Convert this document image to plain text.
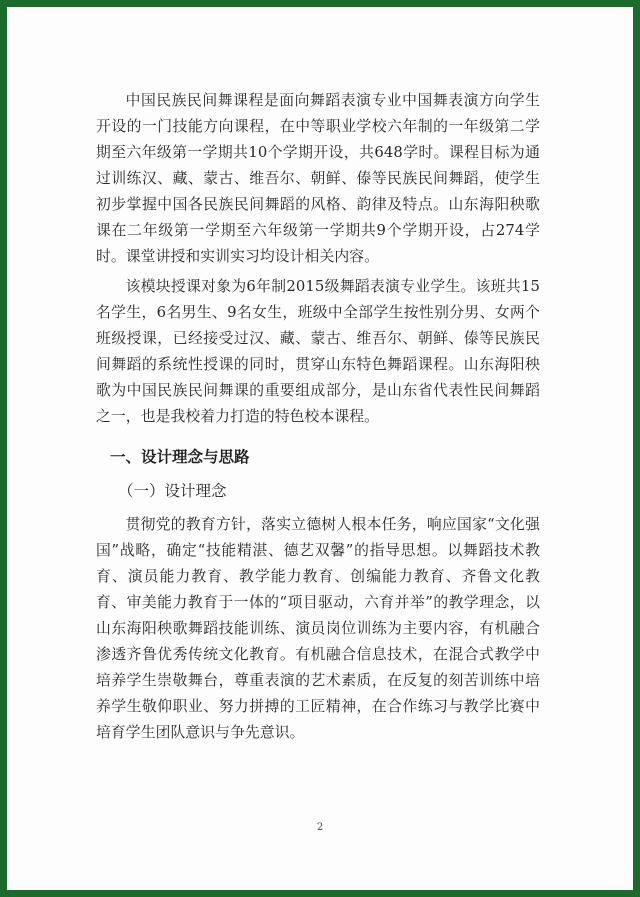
中国民族民间舞课程是面向舞蹈表演专业中国舞表演方向学生开设的一门技能方向课程，在中等职业学校六年制的一年级第二学期至六年级第一学期共10个学期开设，共648学时。课程目标为通过训练汉、藏、蒙古、维吾尔、朝鲜、傣等民族民间舞蹈，使学生初步掌握中国各民族民间舞蹈的风格、韵律及特点。山东海阳秧歌课在二年级第一学期至六年级第一学期共9个学期开设，占274学时。课堂讲授和实训实习均设计相关内容。

该模块授课对象为6年制2015级舞蹈表演专业学生。该班共15名学生，6名男生、9名女生，班级中全部学生按性别分男、女两个班级授课，已经接受过汉、藏、蒙古、维吾尔、朝鲜、傣等民族民间舞蹈的系统性授课的同时，贯穿山东特色舞蹈课程。山东海阳秧歌为中国民族民间舞课的重要组成部分，是山东省代表性民间舞蹈之一，也是我校着力打造的特色校本课程。

一、设计理念与思路
（一）设计理念

贯彻党的教育方针，落实立德树人根本任务，响应国家“文化强国”战略，确定“技能精湛、德艺双馨”的指导思想。以舞蹈技术教育、演员能力教育、教学能力教育、创编能力教育、齐鲁文化教育、审美能力教育于一体的“项目驱动，六育并举”的教学理念，以山东海阳秧歌舞蹈技能训练、演员岗位训练为主要内容，有机融合渗透齐鲁优秀传统文化教育。有机融合信息技术，在混合式教学中培养学生崇敬舞台，尊重表演的艺术素质，在反复的刻苦训练中培养学生敬仰职业、努力拼搏的工匠精神，在合作练习与教学比赛中培育学生团队意识与争先意识。

2
